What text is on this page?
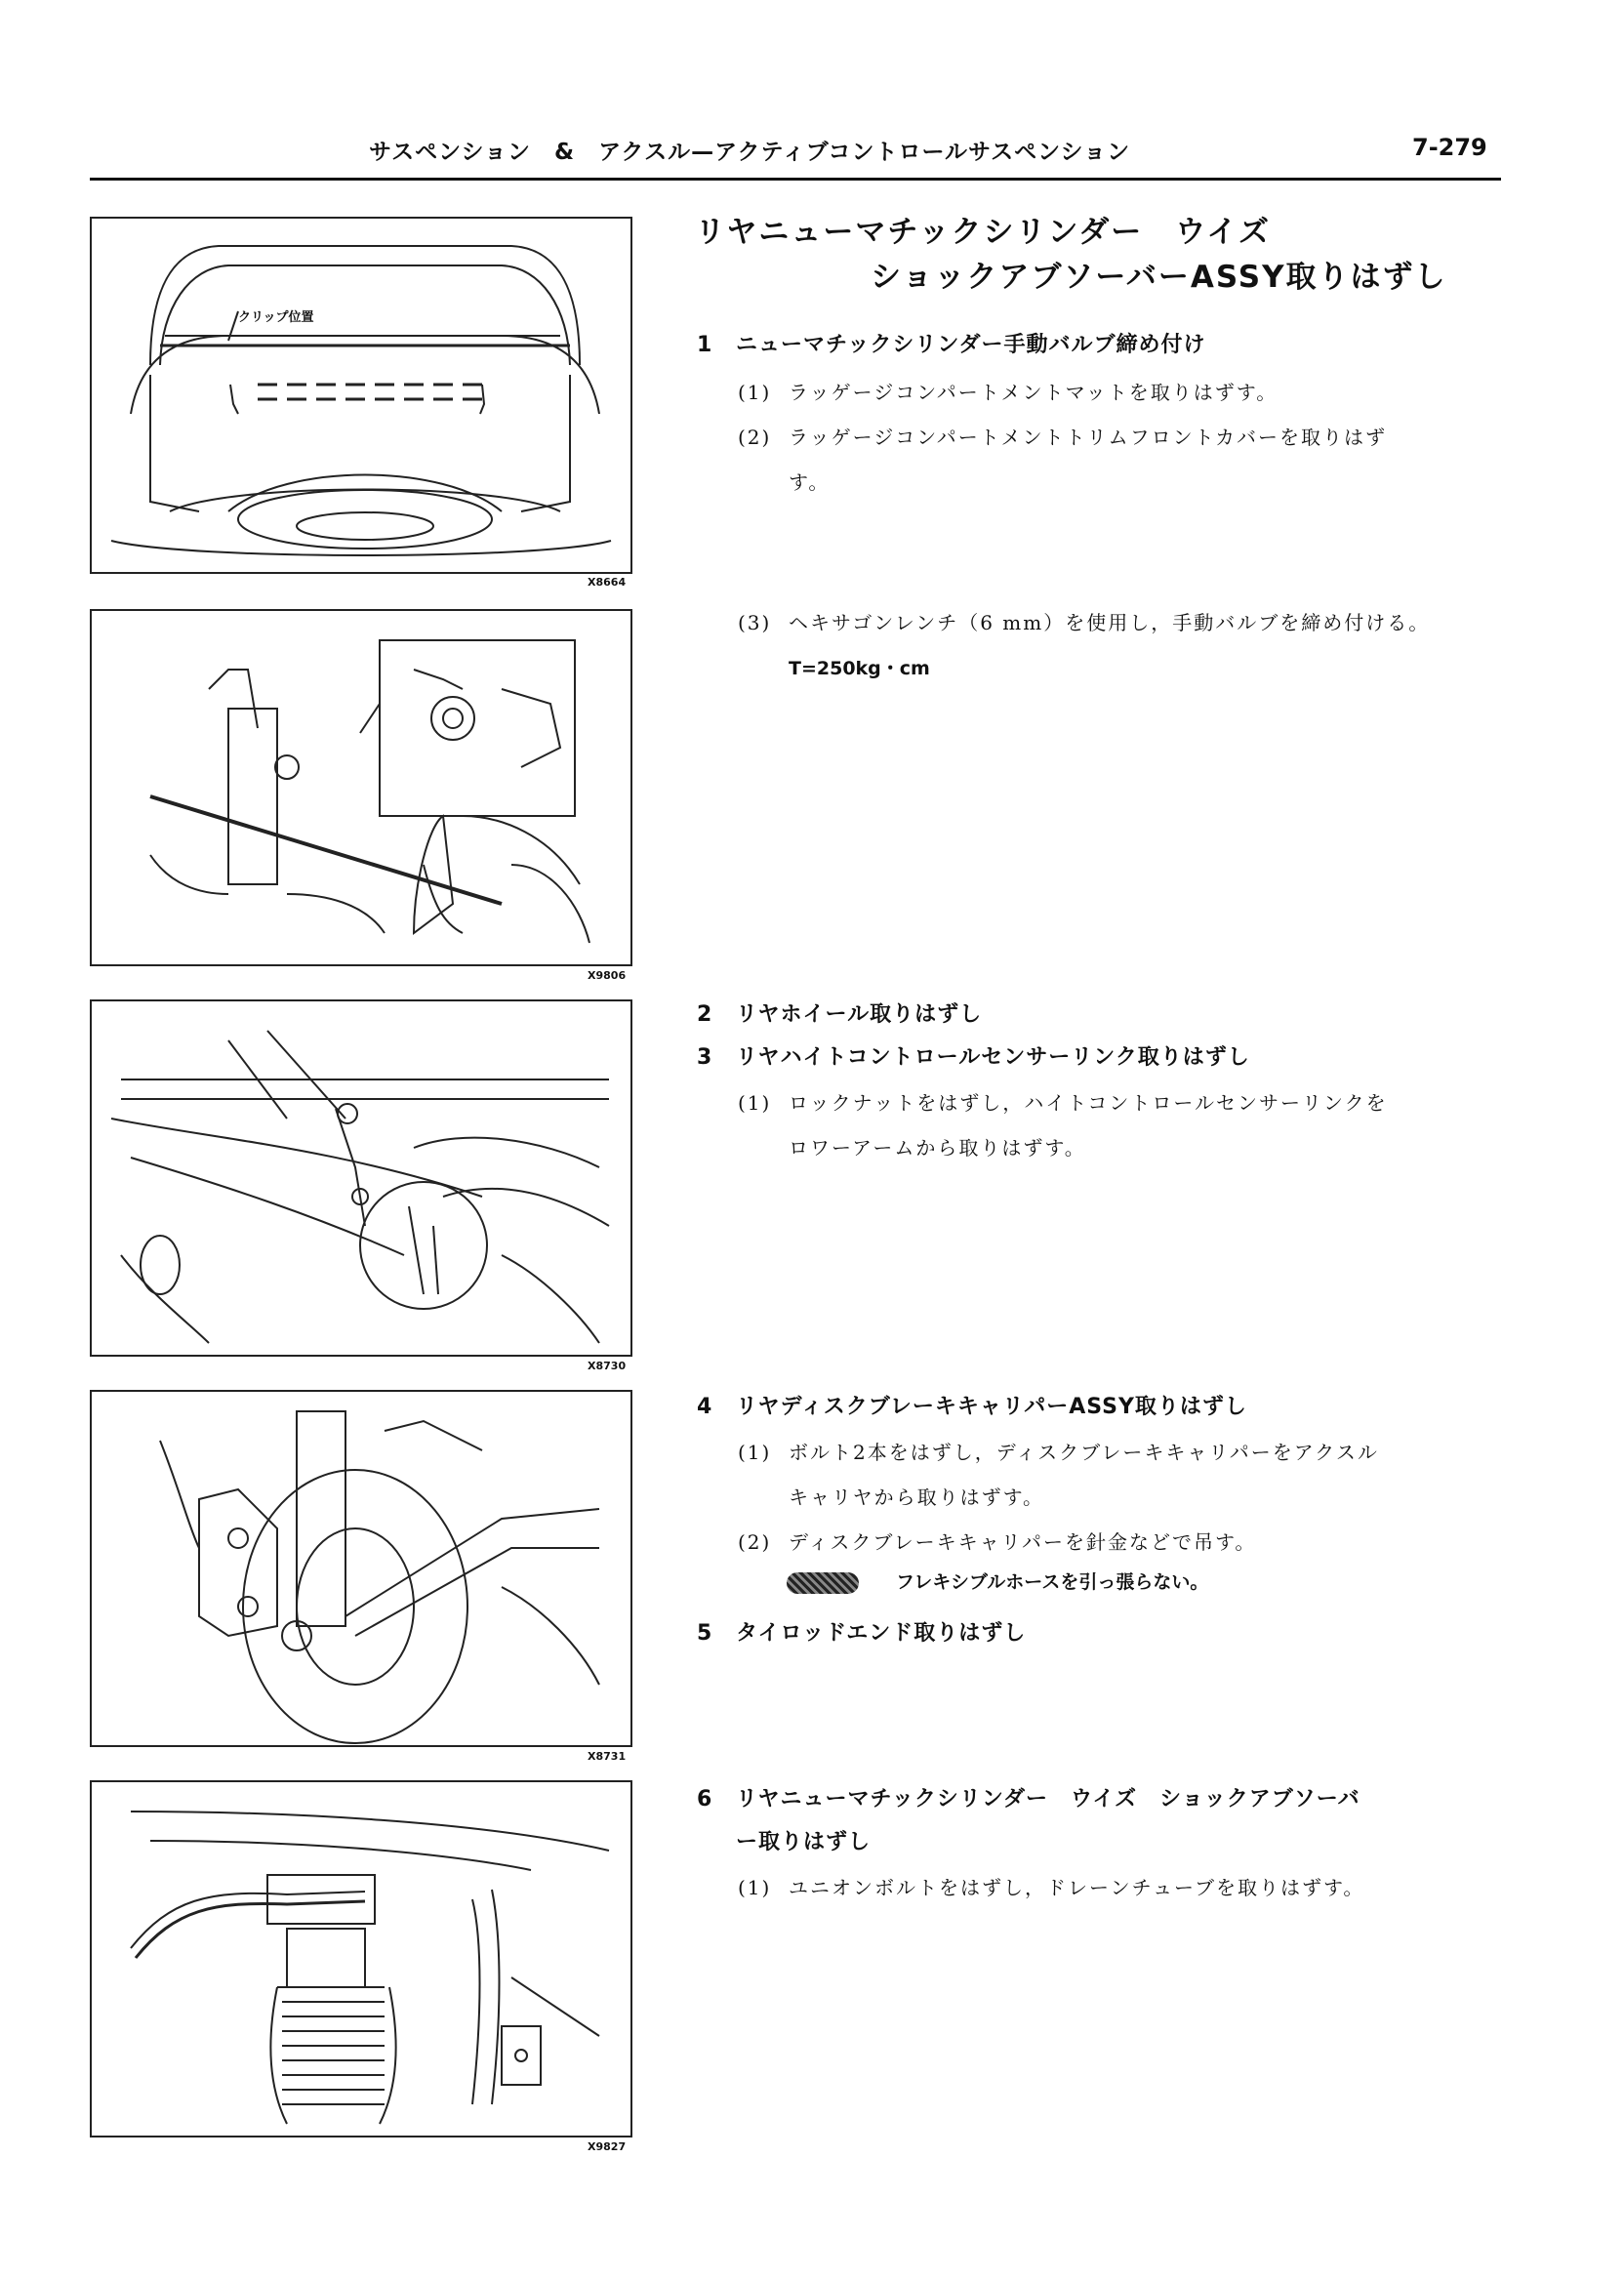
サスペンション　&　アクスル—アクティブコントロールサスペンション	7-279
クリップ位置
X8664
X9806
X8730
X8731
X9827
リヤニューマチックシリンダー　ウイズ
ショックアブソーバーASSY取りはずし
1 ニューマチックシリンダー手動バルブ締め付け
(1) ラッゲージコンパートメントマットを取りはずす。
(2) ラッゲージコンパートメントトリムフロントカバーを取りはず
す。
(3) ヘキサゴンレンチ（6 mm）を使用し，手動バルブを締め付ける。
T=250kg・cm
2 リヤホイール取りはずし
3 リヤハイトコントロールセンサーリンク取りはずし
(1) ロックナットをはずし，ハイトコントロールセンサーリンクを
ロワーアームから取りはずす。
4 リヤディスクブレーキキャリパーASSY取りはずし
(1) ボルト2本をはずし，ディスクブレーキキャリパーをアクスル
キャリヤから取りはずす。
(2) ディスクブレーキキャリパーを針金などで吊す。
フレキシブルホースを引っ張らない。
5 タイロッドエンド取りはずし
6 リヤニューマチックシリンダー　ウイズ　ショックアブソーバ
ー取りはずし
(1) ユニオンボルトをはずし，ドレーンチューブを取りはずす。
